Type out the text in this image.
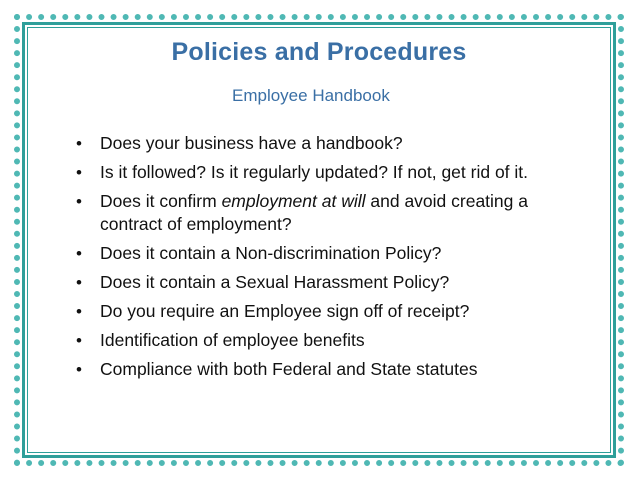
Policies and Procedures
Employee Handbook
• Does your business have a handbook?
• Is it followed? Is it regularly updated? If not, get rid of it.
• Does it confirm employment at will and avoid creating a contract of employment?
• Does it contain a Non-discrimination Policy?
• Does it contain a Sexual Harassment Policy?
• Do you require an Employee sign off of receipt?
• Identification of employee benefits
• Compliance with both Federal and State statutes
